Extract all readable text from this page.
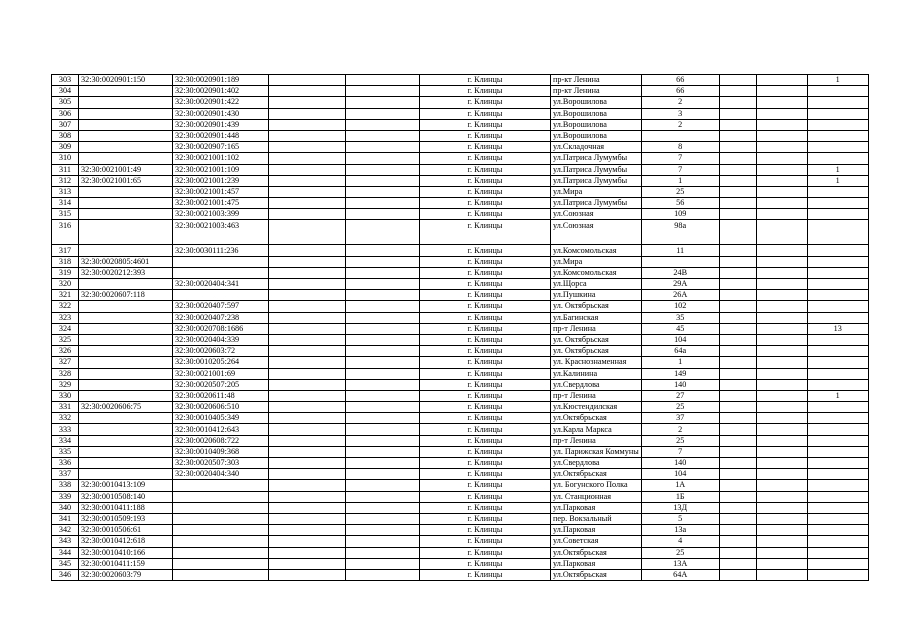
303	32:30:0020901:150	32:30:0020901:189			г. Клинцы	пр-кт Ленина	66			1
304		32:30:0020901:402			г. Клинцы	пр-кт Ленина	66			
305		32:30:0020901:422			г. Клинцы	ул.Ворошилова	2			
306		32:30:0020901:430			г. Клинцы	ул.Ворошилова	3			
307		32:30:0020901:439			г. Клинцы	ул.Ворошилова	2			
308		32:30:0020901:448			г. Клинцы	ул.Ворошилова				
309		32:30:0020907:165			г. Клинцы	ул.Складочная	8			
310		32:30:0021001:102			г. Клинцы	ул.Патриса Лумумбы	7			
311	32:30:0021001:49	32:30:0021001:109			г. Клинцы	ул.Патриса Лумумбы	7			1
312	32:30:0021001:65	32:30:0021001:239			г. Клинцы	ул.Патриса Лумумбы	1			1
313		32:30:0021001:457			г. Клинцы	ул.Мира	25			
314		32:30:0021001:475			г. Клинцы	ул.Патриса Лумумбы	56			
315		32:30:0021003:399			г. Клинцы	ул.Союзная	109			
316		32:30:0021003:463			г. Клинцы	ул.Союзная	98а			
317		32:30:0030111:236			г. Клинцы	ул.Комсомольская	11			
318	32:30:0020805:4601				г. Клинцы	ул.Мира				
319	32:30:0020212:393				г. Клинцы	ул.Комсомольская	24В			
320		32:30:0020404:341			г. Клинцы	ул.Щорса	29А			
321	32:30:0020607:118				г. Клинцы	ул.Пушкина	26А			
322		32:30:0020407:597			г. Клинцы	ул. Октябрьская	102			
323		32:30:0020407:238			г. Клинцы	ул.Багинская	35			
324		32:30:0020708:1686			г. Клинцы	пр-т Ленина	45			13
325		32:30:0020404:339			г. Клинцы	ул. Октябрьская	104			
326		32:30:0020603:72			г. Клинцы	ул. Октябрьская	64а			
327		32:30:0010205:264			г. Клинцы	ул. Краснознаменная	1			
328		32:30:0021001:69			г. Клинцы	ул.Калинина	149			
329		32:30:0020507:205			г. Клинцы	ул.Свердлова	140			
330		32:30:0020611:48			г. Клинцы	пр-т Ленина	27			1
331	32:30:0020606:75	32:30:0020606:510			г. Клинцы	ул.Кюстендилская	25			
332		32:30:0010405:349			г. Клинцы	ул.Октябрьская	37			
333		32:30:0010412:643			г. Клинцы	ул.Карла Маркса	2			
334		32:30:0020608:722			г. Клинцы	пр-т Ленина	25			
335		32:30:0010409:368			г. Клинцы	ул. Парижская Коммуны	7			
336		32:30:0020507:303			г. Клинцы	ул.Свердлова	140			
337		32:30:0020404:340			г. Клинцы	ул.Октябрьская	104			
338	32:30:0010413:109				г. Клинцы	ул. Богунского Полка	1А			
339	32:30:0010508:140				г. Клинцы	ул. Станционная	1Б			
340	32:30:0010411:188				г. Клинцы	ул.Парковая	13Д			
341	32:30:0010509:193				г. Клинцы	пер. Вокзальный	5			
342	32:30:0010506:61				г. Клинцы	ул.Парковая	13а			
343	32:30:0010412:618				г. Клинцы	ул.Советская	4			
344	32:30:0010410:166				г. Клинцы	ул.Октябрьская	25			
345	32:30:0010411:159				г. Клинцы	ул.Парковая	13А			
346	32:30:0020603:79				г. Клинцы	ул.Октябрьская	64А			
